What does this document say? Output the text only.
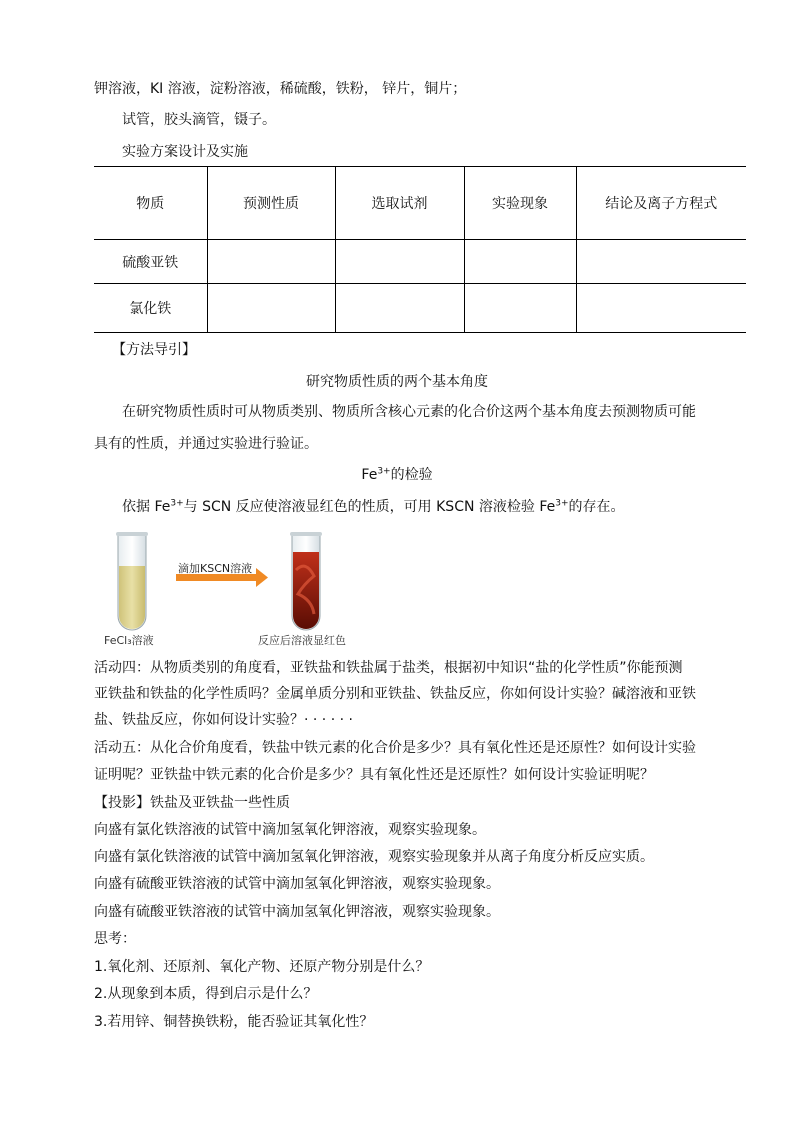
钾溶液，KI 溶液，淀粉溶液，稀硫酸，铁粉， 锌片，铜片；
试管，胶头滴管，镊子。
实验方案设计及实施
物质	预测性质	选取试剂	实验现象	结论及离子方程式
硫酸亚铁				
氯化铁				
【方法导引】
研究物质性质的两个基本角度
在研究物质性质时可从物质类别、物质所含核心元素的化合价这两个基本角度去预测物质可能
具有的性质，并通过实验进行验证。
$Fe^{3+}$的检验
依据 $Fe^{3+}$与 SCN 反应使溶液显红色的性质，可用 KSCN 溶液检验 $Fe^{3+}$的存在。
滴加KSCN溶液
FeCl₃溶液	反应后溶液显红色
活动四：从物质类别的角度看，亚铁盐和铁盐属于盐类，根据初中知识“盐的化学性质”你能预测
亚铁盐和铁盐的化学性质吗？金属单质分别和亚铁盐、铁盐反应，你如何设计实验？碱溶液和亚铁
盐、铁盐反应，你如何设计实验？· · · · · ·
活动五：从化合价角度看，铁盐中铁元素的化合价是多少？具有氧化性还是还原性？如何设计实验
证明呢？亚铁盐中铁元素的化合价是多少？具有氧化性还是还原性？如何设计实验证明呢？
【投影】铁盐及亚铁盐一些性质
向盛有氯化铁溶液的试管中滴加氢氧化钾溶液，观察实验现象。
向盛有氯化铁溶液的试管中滴加氢氧化钾溶液，观察实验现象并从离子角度分析反应实质。
向盛有硫酸亚铁溶液的试管中滴加氢氧化钾溶液，观察实验现象。
向盛有硫酸亚铁溶液的试管中滴加氢氧化钾溶液，观察实验现象。
思考：
1.氧化剂、还原剂、氧化产物、还原产物分别是什么？
2.从现象到本质，得到启示是什么？
3.若用锌、铜替换铁粉，能否验证其氧化性？
